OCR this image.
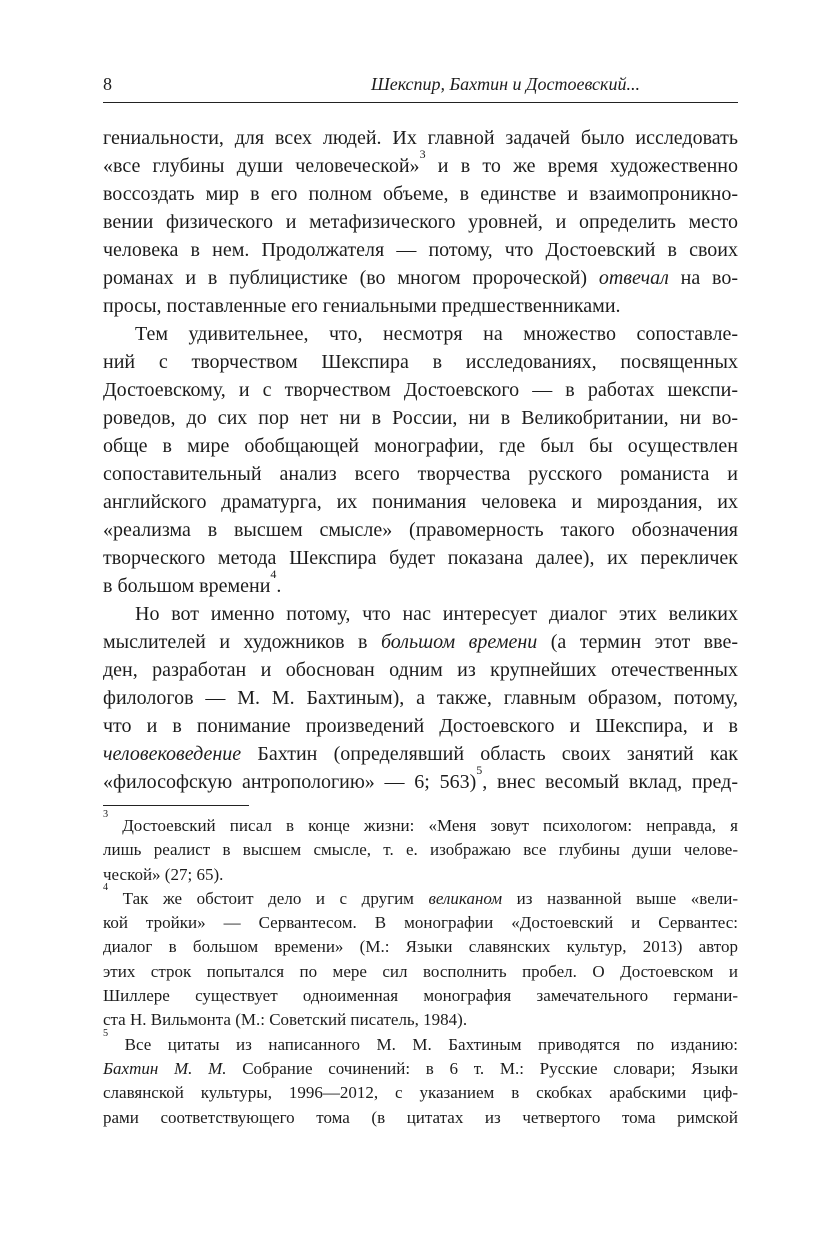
8	Шекспир, Бахтин и Достоевский...
гениальности, для всех людей. Их главной задачей было исследовать
«все глубины души человеческой»$^3$ и в то же время художественно
воссоздать мир в его полном объеме, в единстве и взаимопроникно-
вении физического и метафизического уровней, и определить место
человека в нем. Продолжателя — потому, что Достоевский в своих
романах и в публицистике (во многом пророческой) отвечал на во-
просы, поставленные его гениальными предшественниками.
Тем удивительнее, что, несмотря на множество сопоставле-
ний с творчеством Шекспира в исследованиях, посвященных
Достоевскому, и с творчеством Достоевского — в работах шекспи-
роведов, до сих пор нет ни в России, ни в Великобритании, ни во-
обще в мире обобщающей монографии, где был бы осуществлен
сопоставительный анализ всего творчества русского романиста и
английского драматурга, их понимания человека и мироздания, их
«реализма в высшем смысле» (правомерность такого обозначения
творческого метода Шекспира будет показана далее), их перекличек
в большом времени$^4$.
Но вот именно потому, что нас интересует диалог этих великих
мыслителей и художников в большом времени (а термин этот вве-
ден, разработан и обоснован одним из крупнейших отечественных
филологов — М. М. Бахтиным), а также, главным образом, потому,
что и в понимание произведений Достоевского и Шекспира, и в
человековедение Бахтин (определявший область своих занятий как
«философскую антропологию» — 6; 563)$^5$, внес весомый вклад, пред-
$^3$ Достоевский писал в конце жизни: «Меня зовут психологом: неправда, я
лишь реалист в высшем смысле, т. е. изображаю все глубины души челове-
ческой» (27; 65).
$^4$ Так же обстоит дело и с другим великаном из названной выше «вели-
кой тройки» — Сервантесом. В монографии «Достоевский и Сервантес:
диалог в большом времени» (М.: Языки славянских культур, 2013) автор
этих строк попытался по мере сил восполнить пробел. О Достоевском и
Шиллере существует одноименная монография замечательного германи-
ста Н. Вильмонта (М.: Советский писатель, 1984).
$^5$ Все цитаты из написанного М. М. Бахтиным приводятся по изданию:
Бахтин М. М. Собрание сочинений: в 6 т. М.: Русские словари; Языки
славянской культуры, 1996—2012, с указанием в скобках арабскими циф-
рами соответствующего тома (в цитатах из четвертого тома римской
